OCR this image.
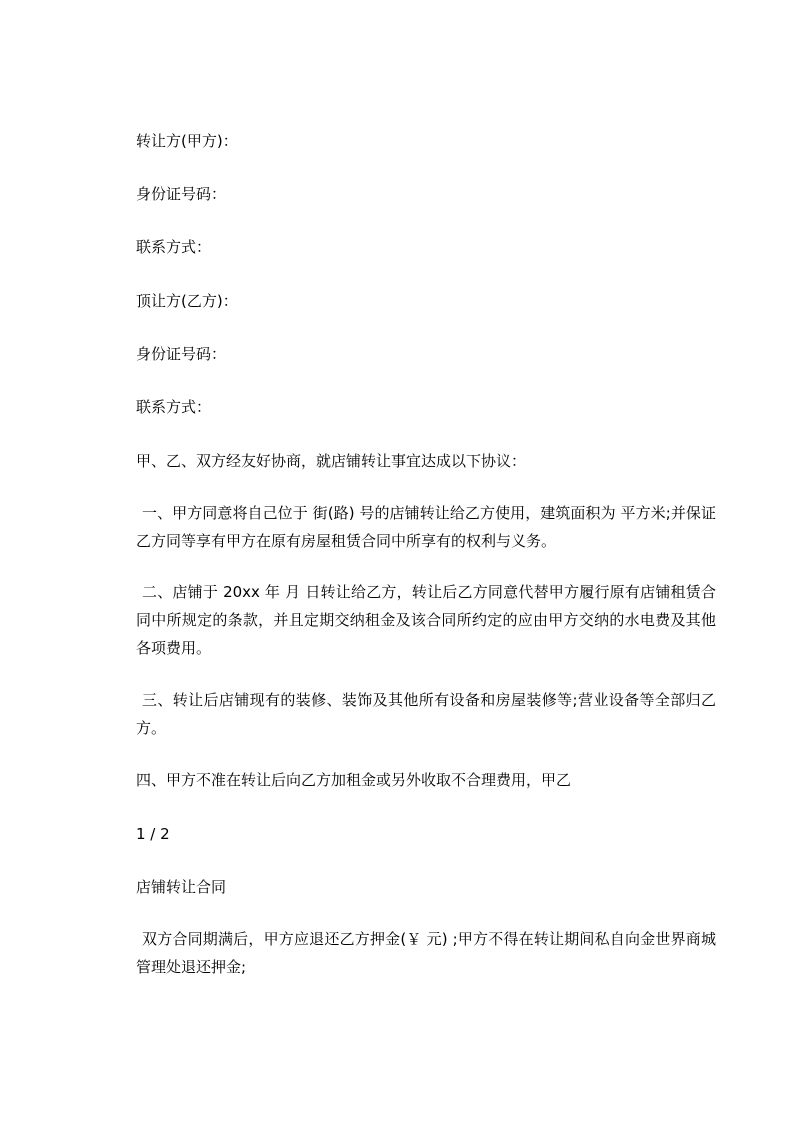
转让方(甲方)：

身份证号码：

联系方式：

顶让方(乙方)：

身份证号码：

联系方式：

甲、乙、双方经友好协商，就店铺转让事宜达成以下协议：

一、甲方同意将自己位于 街(路) 号的店铺转让给乙方使用，建筑面积为 平方米;并保证乙方同等享有甲方在原有房屋租赁合同中所享有的权利与义务。

二、店铺于 20xx 年 月 日转让给乙方，转让后乙方同意代替甲方履行原有店铺租赁合同中所规定的条款，并且定期交纳租金及该合同所约定的应由甲方交纳的水电费及其他各项费用。

三、转让后店铺现有的装修、装饰及其他所有设备和房屋装修等;营业设备等全部归乙方。

四、甲方不准在转让后向乙方加租金或另外收取不合理费用，甲乙

1 / 2

店铺转让合同

双方合同期满后，甲方应退还乙方押金(￥ 元) ;甲方不得在转让期间私自向金世界商城管理处退还押金;
